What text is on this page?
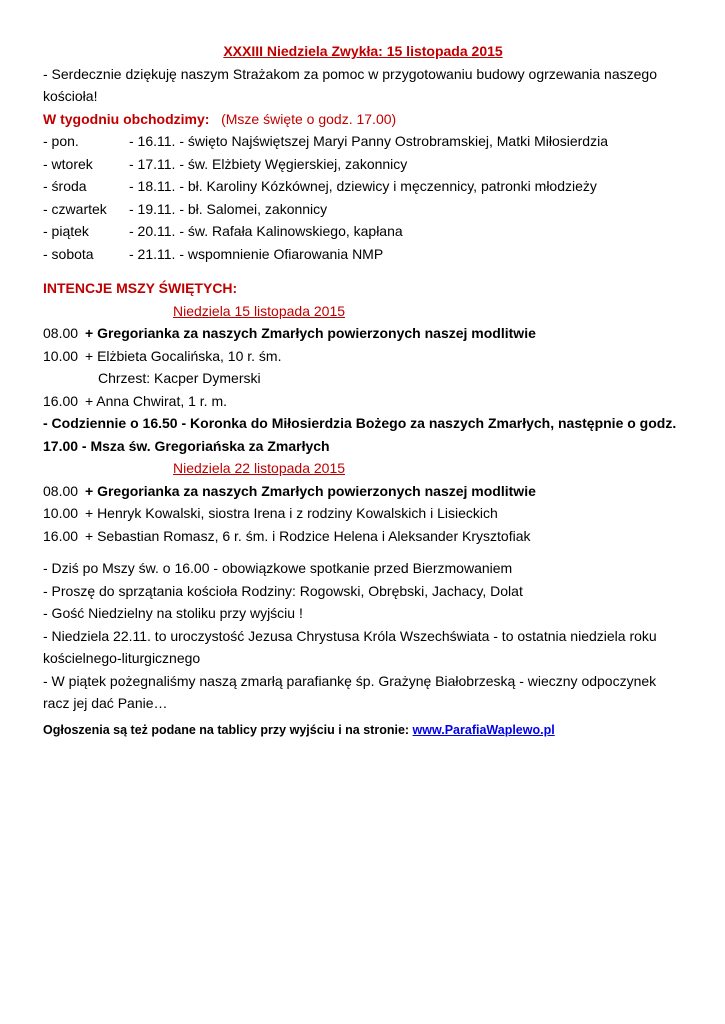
XXXIII Niedziela Zwykła: 15 listopada 2015
- Serdecznie dziękuję naszym Strażakom za pomoc w przygotowaniu budowy ogrzewania naszego kościoła!
W tygodniu obchodzimy: (Msze święte o godz. 17.00)
- pon.	- 16.11. - święto Najświętszej Maryi Panny Ostrobramskiej, Matki Miłosierdzia
- wtorek	- 17.11. - św. Elżbiety Węgierskiej, zakonnicy
- środa	- 18.11. - bł. Karoliny Kózkównej, dziewicy i męczennicy, patronki młodzieży
- czwartek - 19.11. - bł. Salomei, zakonnicy
- piątek	- 20.11. - św. Rafała Kalinowskiego, kapłana
- sobota	- 21.11. - wspomnienie Ofiarowania NMP
INTENCJE MSZY ŚWIĘTYCH:
Niedziela 15 listopada 2015
08.00 + Gregorianka za naszych Zmarłych powierzonych naszej modlitwie
10.00 + Elżbieta Gocalińska, 10 r. śm.
Chrzest: Kacper Dymerski
16.00 + Anna Chwirat, 1 r. m.
- Codziennie o 16.50 - Koronka do Miłosierdzia Bożego za naszych Zmarłych, następnie o godz. 17.00 - Msza św. Gregoriańska za Zmarłych
Niedziela 22 listopada 2015
08.00 + Gregorianka za naszych Zmarłych powierzonych naszej modlitwie
10.00 + Henryk Kowalski, siostra Irena i z rodziny Kowalskich i Lisieckich
16.00 + Sebastian Romasz, 6 r. śm. i Rodzice Helena i Aleksander Krysztofiak
- Dziś po Mszy św. o 16.00 - obowiązkowe spotkanie przed Bierzmowaniem
- Proszę do sprzątania kościoła Rodziny: Rogowski, Obrębski, Jachacy, Dolat
- Gość Niedzielny na stoliku przy wyjściu !
- Niedziela 22.11. to uroczystość Jezusa Chrystusa Króla Wszechświata - to ostatnia niedziela roku kościelnego-liturgicznego
- W piątek pożegnaliśmy naszą zmarłą parafiankę śp. Grażynę Białobrzeską - wieczny odpoczynek racz jej dać Panie…
Ogłoszenia są też podane na tablicy przy wyjściu i na stronie: www.ParafiaWaplewo.pl
